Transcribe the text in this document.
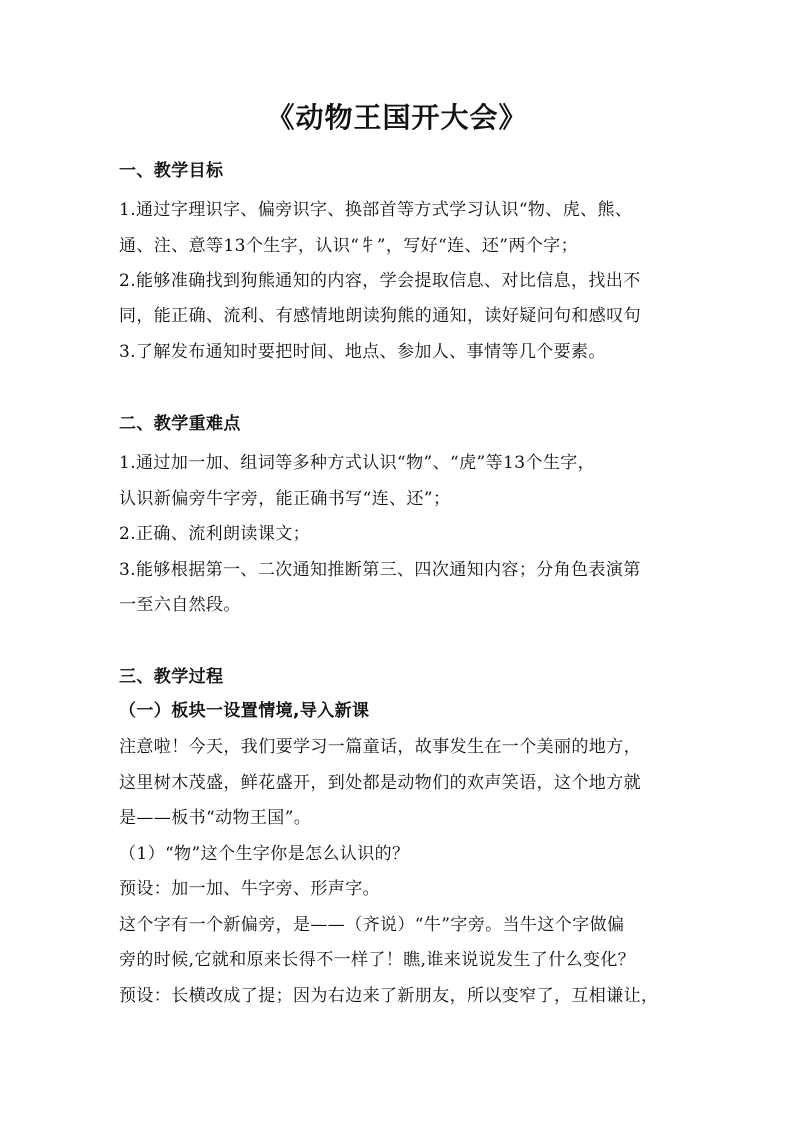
《动物王国开大会》
一、教学目标
1.通过字理识字、偏旁识字、换部首等方式学习认识“物、虎、熊、
通、注、意等13个生字，认识“牜”，写好“连、还”两个字；
2.能够准确找到狗熊通知的内容，学会提取信息、对比信息，找出不
同，能正确、流利、有感情地朗读狗熊的通知，读好疑问句和感叹句
3.了解发布通知时要把时间、地点、参加人、事情等几个要素。
二、教学重难点
1.通过加一加、组词等多种方式认识“物”、“虎”等13个生字，
认识新偏旁牛字旁，能正确书写“连、还”；
2.正确、流利朗读课文；
3.能够根据第一、二次通知推断第三、四次通知内容；分角色表演第
一至六自然段。
三、教学过程
（一）板块一设置情境,导入新课
注意啦！今天，我们要学习一篇童话，故事发生在一个美丽的地方，
这里树木茂盛，鲜花盛开，到处都是动物们的欢声笑语，这个地方就
是——板书“动物王国”。
（1）“物”这个生字你是怎么认识的？
预设：加一加、牛字旁、形声字。
这个字有一个新偏旁，是——（齐说）“牛”字旁。当牛这个字做偏
旁的时候,它就和原来长得不一样了！瞧,谁来说说发生了什么变化？
预设：长横改成了提；因为右边来了新朋友，所以变窄了，互相谦让，
